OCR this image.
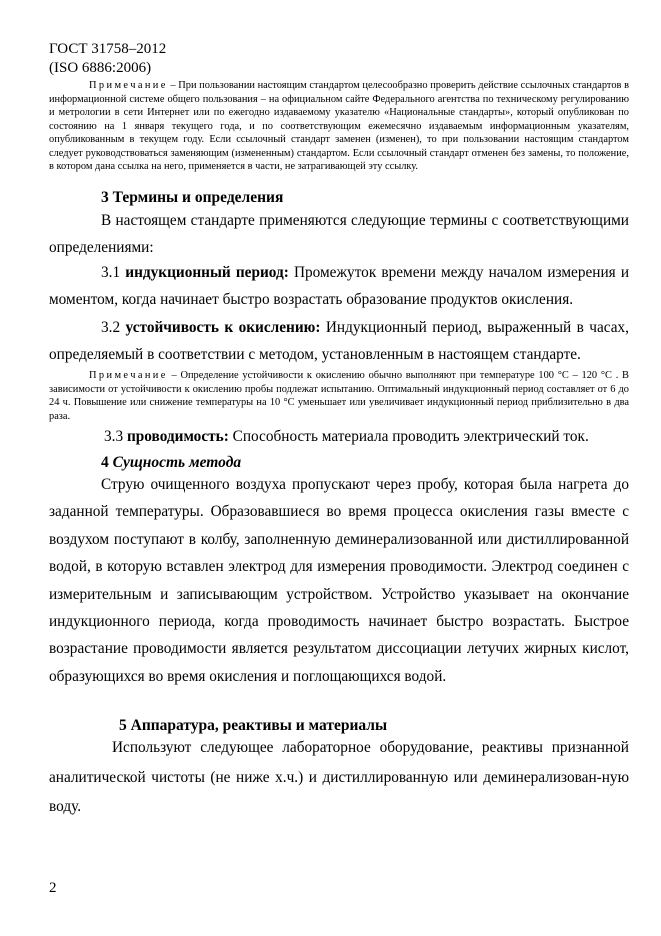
ГОСТ 31758–2012
(ISO 6886:2006)
Примечание – При пользовании настоящим стандартом целесообразно проверить действие ссылочных стандартов в информационной системе общего пользования – на официальном сайте Федерального агентства по техническому регулированию и метрологии в сети Интернет или по ежегодно издаваемому указателю «Национальные стандарты», который опубликован по состоянию на 1 января текущего года, и по соответствующим ежемесячно издаваемым информационным указателям, опубликованным в текущем году. Если ссылочный стандарт заменен (изменен), то при пользовании настоящим стандартом следует руководствоваться заменяющим (измененным) стандартом. Если ссылочный стандарт отменен без замены, то положение, в котором дана ссылка на него, применяется в части, не затрагивающей эту ссылку.
3 Термины и определения
В настоящем стандарте применяются следующие термины с соответствующими определениями:
3.1 индукционный период: Промежуток времени между началом измерения и моментом, когда начинает быстро возрастать образование продуктов окисления.
3.2 устойчивость к окислению: Индукционный период, выраженный в часах, определяемый в соответствии с методом, установленным в настоящем стандарте.
Примечание – Определение устойчивости к окислению обычно выполняют при температуре 100 °С – 120 °С . В зависимости от устойчивости к окислению пробы подлежат испытанию. Оптимальный индукционный период составляет от 6 до 24 ч. Повышение или снижение температуры на 10 °С уменьшает или увеличивает индукционный период приблизительно в два раза.
3.3 проводимость: Способность материала проводить электрический ток.
4 Сущность метода
Струю очищенного воздуха пропускают через пробу, которая была нагрета до заданной температуры. Образовавшиеся во время процесса окисления газы вместе с воздухом поступают в колбу, заполненную деминерализованной или дистиллированной водой, в которую вставлен электрод для измерения проводимости. Электрод соединен с измерительным и записывающим устройством. Устройство указывает на окончание индукционного периода, когда проводимость начинает быстро возрастать. Быстрое возрастание проводимости является результатом диссоциации летучих жирных кислот, образующихся во время окисления и поглощающихся водой.
5 Аппаратура, реактивы и материалы
Используют следующее лабораторное оборудование, реактивы признанной аналитической чистоты (не ниже х.ч.) и дистиллированную или деминерализован-ную воду.
2
